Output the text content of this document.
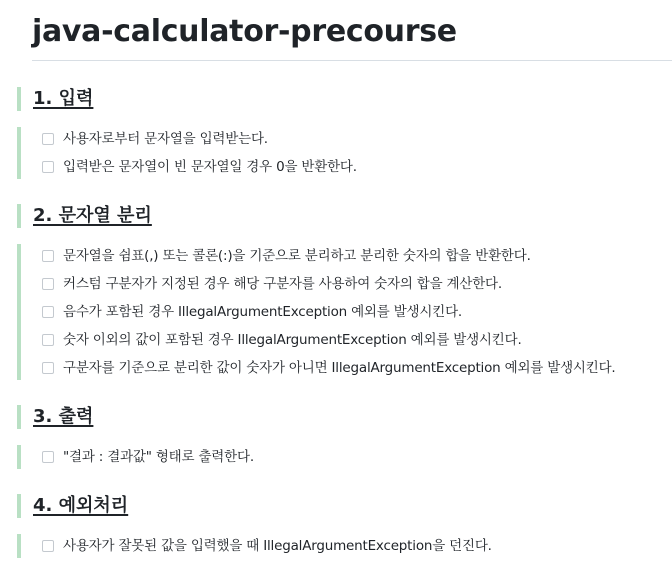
java-calculator-precourse
1. 입력
사용자로부터 문자열을 입력받는다.
입력받은 문자열이 빈 문자열일 경우 0을 반환한다.
2. 문자열 분리
문자열을 쉼표(,) 또는 콜론(:)을 기준으로 분리하고 분리한 숫자의 합을 반환한다.
커스텀 구분자가 지정된 경우 해당 구분자를 사용하여 숫자의 합을 계산한다.
음수가 포함된 경우 IllegalArgumentException 예외를 발생시킨다.
숫자 이외의 값이 포함된 경우 IllegalArgumentException 예외를 발생시킨다.
구분자를 기준으로 분리한 값이 숫자가 아니면 IllegalArgumentException 예외를 발생시킨다.
3. 출력
"결과 : 결과값" 형태로 출력한다.
4. 예외처리
사용자가 잘못된 값을 입력했을 때 IllegalArgumentException을 던진다.
